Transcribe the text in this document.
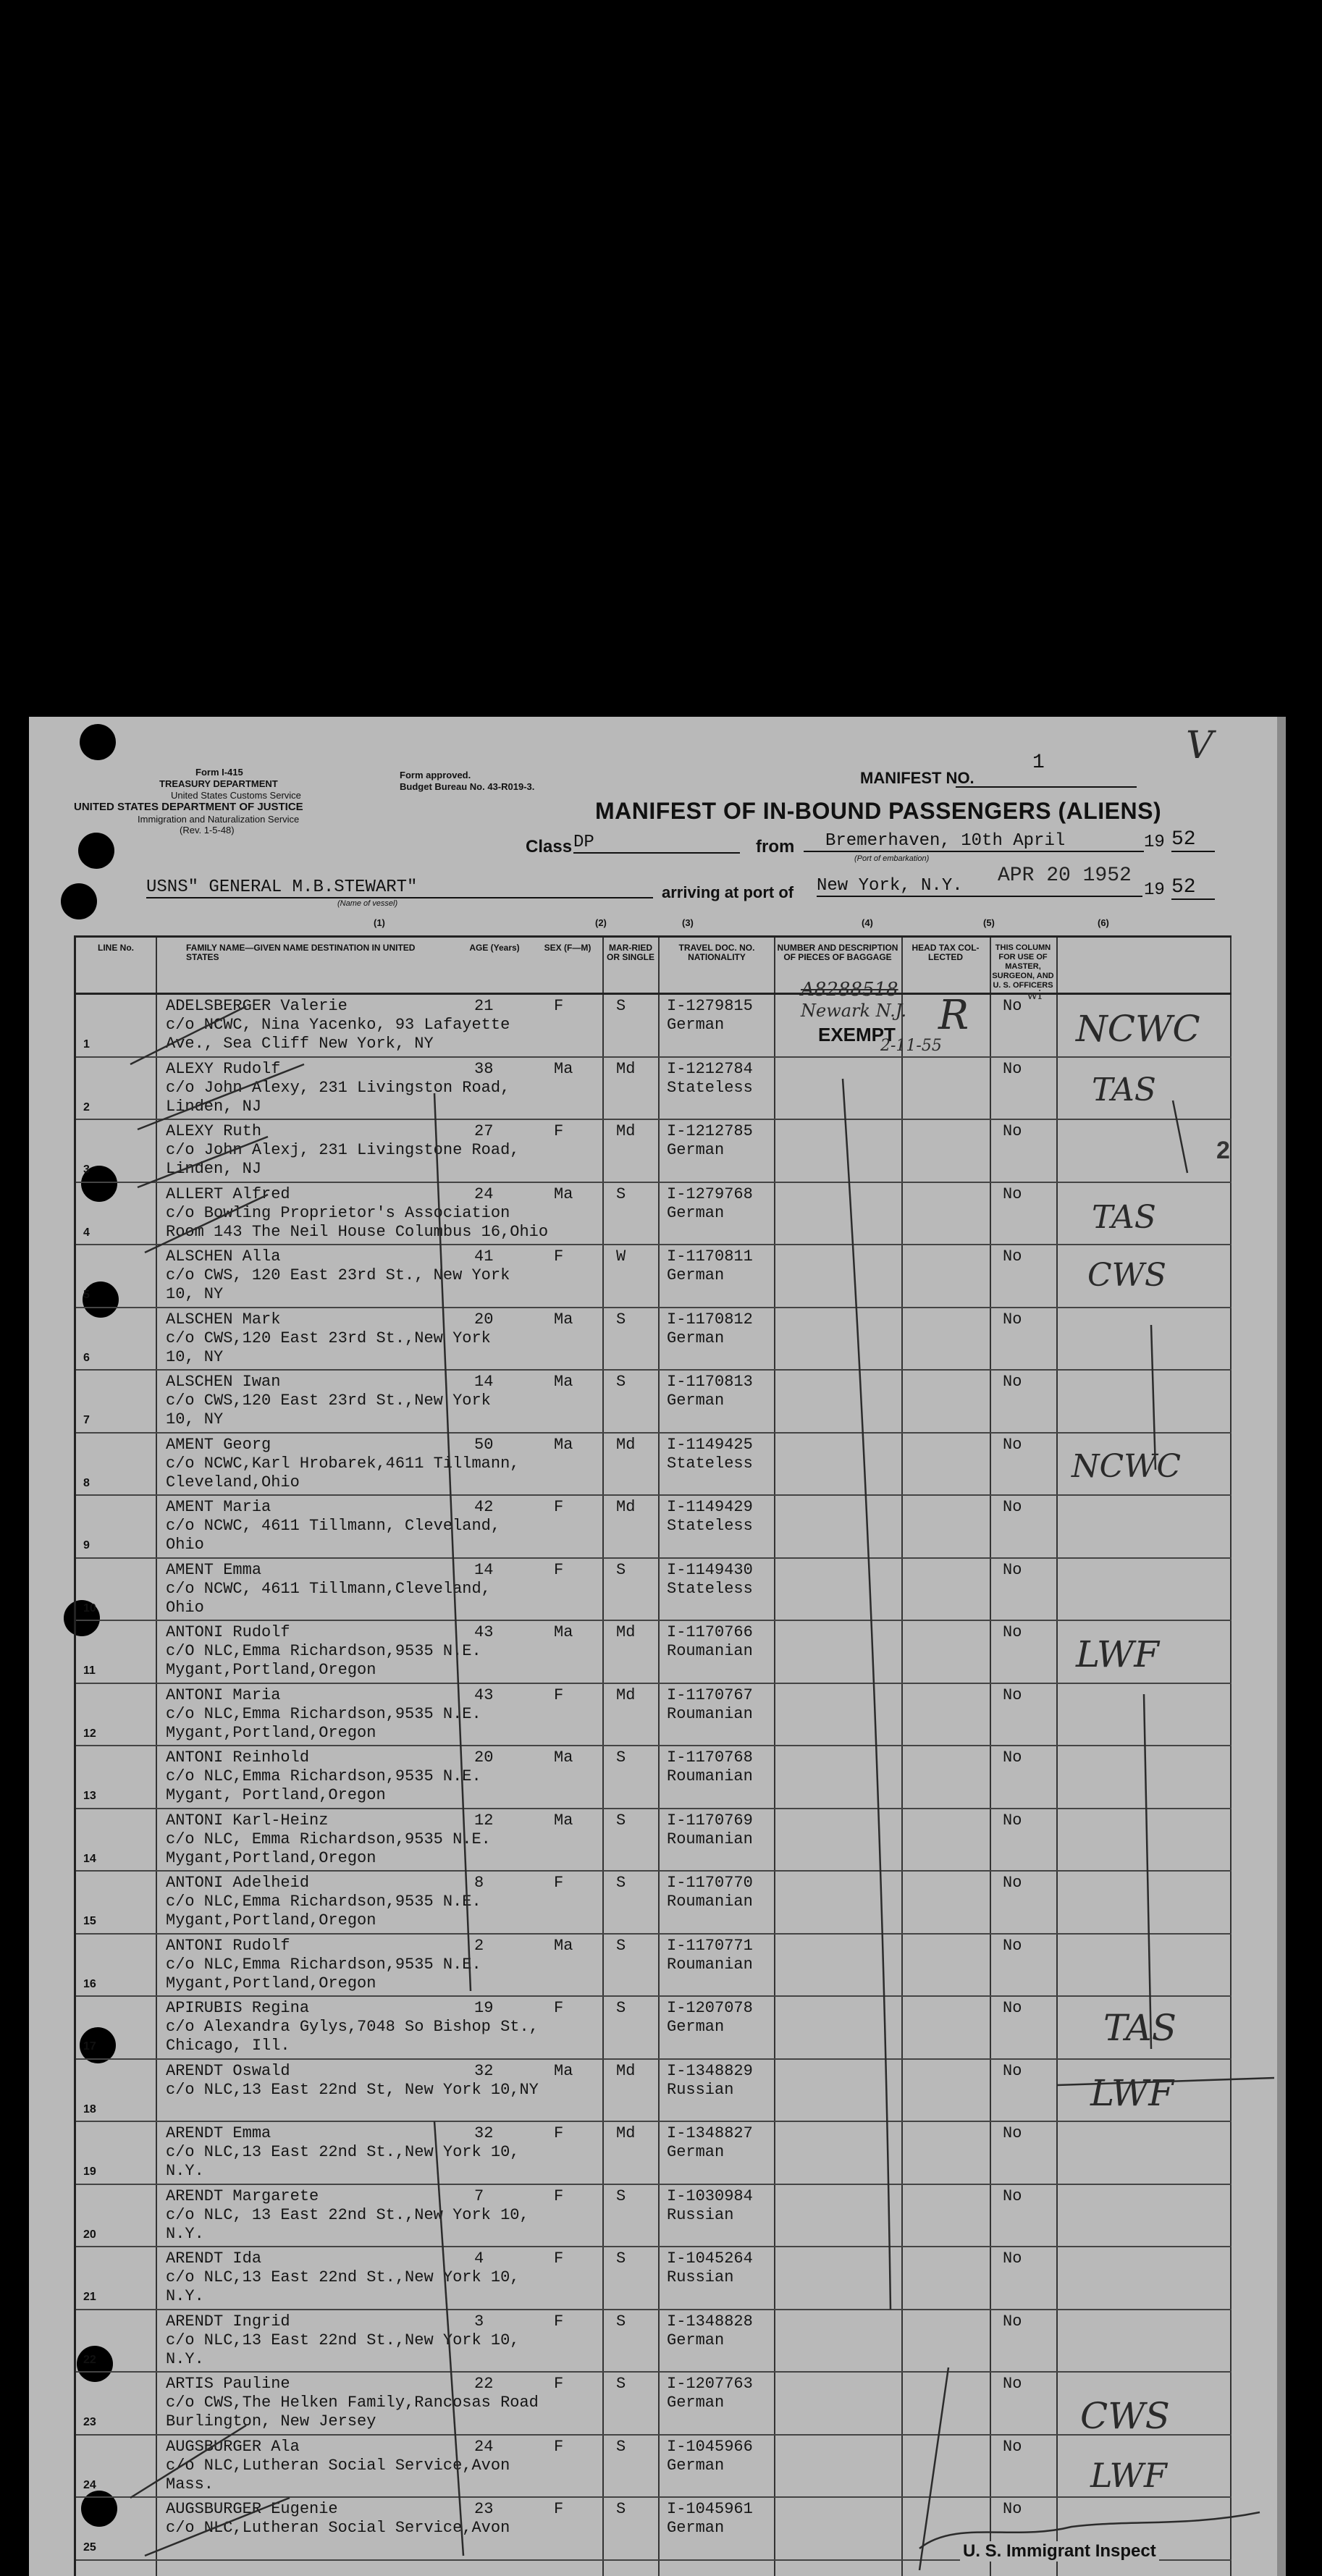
Form I-415
TREASURY DEPARTMENT
United States Customs Service
UNITED STATES DEPARTMENT OF JUSTICE
Immigration and Naturalization Service
(Rev. 1-5-48)
Form approved.
Budget Bureau No. 43-R019-3.	MANIFEST NO.
1	V
MANIFEST OF IN-BOUND PASSENGERS (ALIENS)
Class DP	from	Bremerhaven, 10th April
(Port of embarkation)
19 52
USNS" GENERAL M.B.STEWART"
(Name of vessel)
arriving at port of New York, N.Y.	APR 20 1952
19 52
2
(1)	(2)	(3)	(4)	(5)	(6)
LINE No.	FAMILY NAME—GIVEN NAME DESTINATION IN UNITED STATES
AGE (Years)	SEX (F—M)	MAR-RIED OR SINGLE
TRAVEL DOC. NO. NATIONALITY
NUMBER AND DESCRIPTION OF PIECES OF BAGGAGE
HEAD TAX COL-LECTED
THIS COLUMN FOR USE OF MASTER, SURGEON, AND U. S. OFFICERS
1
ADELSBERGER Valerie
c/o NCWC, Nina Yacenko, 93 Lafayette
Ave., Sea Cliff New York, NY
21	F	S	I-1279815
German
No
2
ALEXY Rudolf
c/o John Alexy, 231 Livingston Road,
Linden, NJ
38	Ma	Md I-1212784
Stateless
No
3
ALEXY Ruth
c/o John Alexj, 231 Livingstone Road,
Linden, NJ
27	F	Md I-1212785
German
No
4
ALLERT Alfred
c/o Bowling Proprietor's Association
Room 143 The Neil House Columbus 16,Ohio
24	Ma	S	I-1279768
German
No
5
ALSCHEN Alla
c/o CWS, 120 East 23rd St., New York
10, NY
41	F	W	I-1170811
German
No
6
ALSCHEN Mark
c/o CWS,120 East 23rd St.,New York
10, NY
20	Ma	S	I-1170812
German
No
7
ALSCHEN Iwan
c/o CWS,120 East 23rd St.,New York
10, NY
14	Ma	S	I-1170813
German
No
8
AMENT Georg
c/o NCWC,Karl Hrobarek,4611 Tillmann,
Cleveland,Ohio
50	Ma	Md I-1149425
Stateless
No
9
AMENT Maria
c/o NCWC, 4611 Tillmann, Cleveland,
Ohio
42	F	Md I-1149429
Stateless
No
10
AMENT Emma
c/o NCWC, 4611 Tillmann,Cleveland,
Ohio
14	F	S	I-1149430
Stateless
No
11
ANTONI Rudolf
c/O NLC,Emma Richardson,9535 N.E.
Mygant,Portland,Oregon
43	Ma	Md I-1170766
Roumanian
No
12
ANTONI Maria
c/o NLC,Emma Richardson,9535 N.E.
Mygant,Portland,Oregon
43	F	Md I-1170767
Roumanian
No
13
ANTONI Reinhold
c/o NLC,Emma Richardson,9535 N.E.
Mygant, Portland,Oregon
20	Ma	S	I-1170768
Roumanian
No
14
ANTONI Karl-Heinz
c/o NLC, Emma Richardson,9535 N.E.
Mygant,Portland,Oregon
12	Ma	S	I-1170769
Roumanian
No
15
ANTONI Adelheid
c/o NLC,Emma Richardson,9535 N.E.
Mygant,Portland,Oregon
8	F	S	I-1170770
Roumanian
No
16
ANTONI Rudolf
c/o NLC,Emma Richardson,9535 N.E.
Mygant,Portland,Oregon
2	Ma	S	I-1170771
Roumanian
No
17
APIRUBIS Regina
c/o Alexandra Gylys,7048 So Bishop St.,
Chicago, Ill.
19	F	S	I-1207078
German
No
18
ARENDT Oswald
c/o NLC,13 East 22nd St, New York 10,NY
32	Ma	Md I-1348829
Russian
No
19
ARENDT Emma
c/o NLC,13 East 22nd St.,New York 10,
N.Y.
32	F	Md I-1348827
German
No
20
ARENDT Margarete
c/o NLC, 13 East 22nd St.,New York 10,
N.Y.
7	F	S	I-1030984
Russian
No
21
ARENDT Ida
c/o NLC,13 East 22nd St.,New York 10,
N.Y.
4	F	S	I-1045264
Russian
No
22
ARENDT Ingrid
c/o NLC,13 East 22nd St.,New York 10,
N.Y.
3	F	S	I-1348828
German
No
23
ARTIS Pauline
c/o CWS,The Helken Family,Rancosas Road
Burlington, New Jersey
22	F	S	I-1207763
German
No
24
AUGSBURGER Ala
c/o NLC,Lutheran Social Service,Avon
Mass.
24	F	S	I-1045966
German
No
25
AUGSBURGER Eugenie
c/o NLC,Lutheran Social Service,Avon
23	F	S	I-1045961
German
No
A8288518
Newark N.J.
EXEMPT
2-11-55
R	wi
NCWC
TAS
TAS
CWS
NCWC
LWF
TAS
LWF
CWS
LWF
U. S. Immigrant Inspect
